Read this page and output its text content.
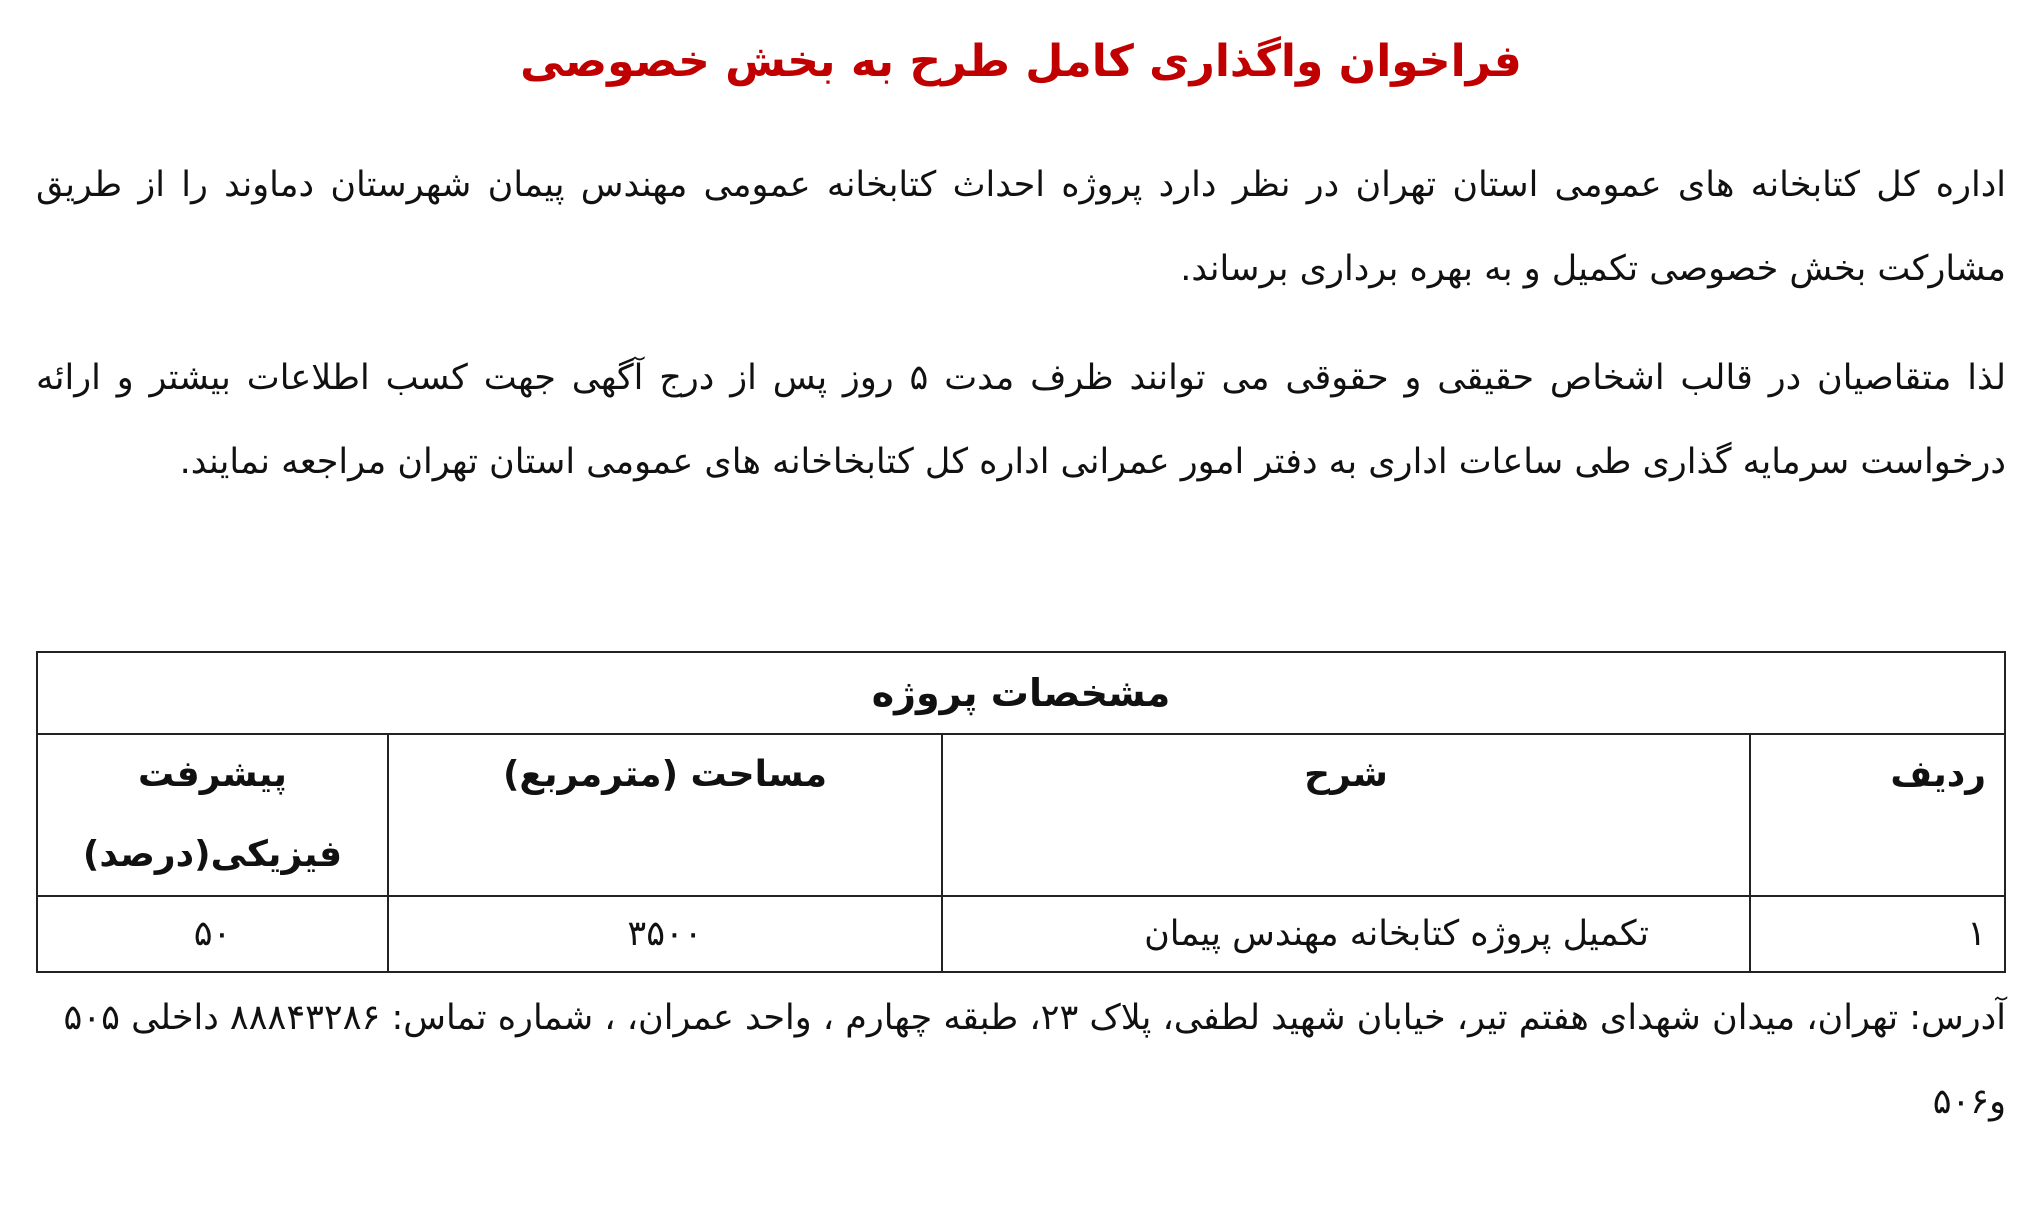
فراخوان واگذاری کامل طرح به بخش خصوصی

اداره کل کتابخانه های عمومی استان تهران در نظر دارد پروژه احداث کتابخانه عمومی مهندس پیمان شهرستان دماوند را از طریق مشارکت بخش خصوصی تکمیل و به بهره برداری برساند.

لذا متقاصیان در قالب اشخاص حقیقی و حقوقی می توانند ظرف مدت ۵ روز پس از درج آگهی جهت کسب اطلاعات بیشتر و ارائه درخواست سرمایه گذاری طی ساعات اداری به دفتر امور عمرانی اداره کل کتابخاخانه های عمومی استان تهران مراجعه نمایند.

مشخصات پروژه			
ردیف	شرح	مساحت (مترمربع)	پیشرفت فیزیکی(درصد)
۱	تکمیل پروژه کتابخانه مهندس پیمان	۳۵۰۰	۵۰

آدرس: تهران، میدان شهدای هفتم تیر، خیابان شهید لطفی، پلاک ۲۳، طبقه چهارم ، واحد عمران، ، شماره تماس: ۸۸۸۴۳۲۸۶ داخلی ۵۰۵ و۵۰۶
